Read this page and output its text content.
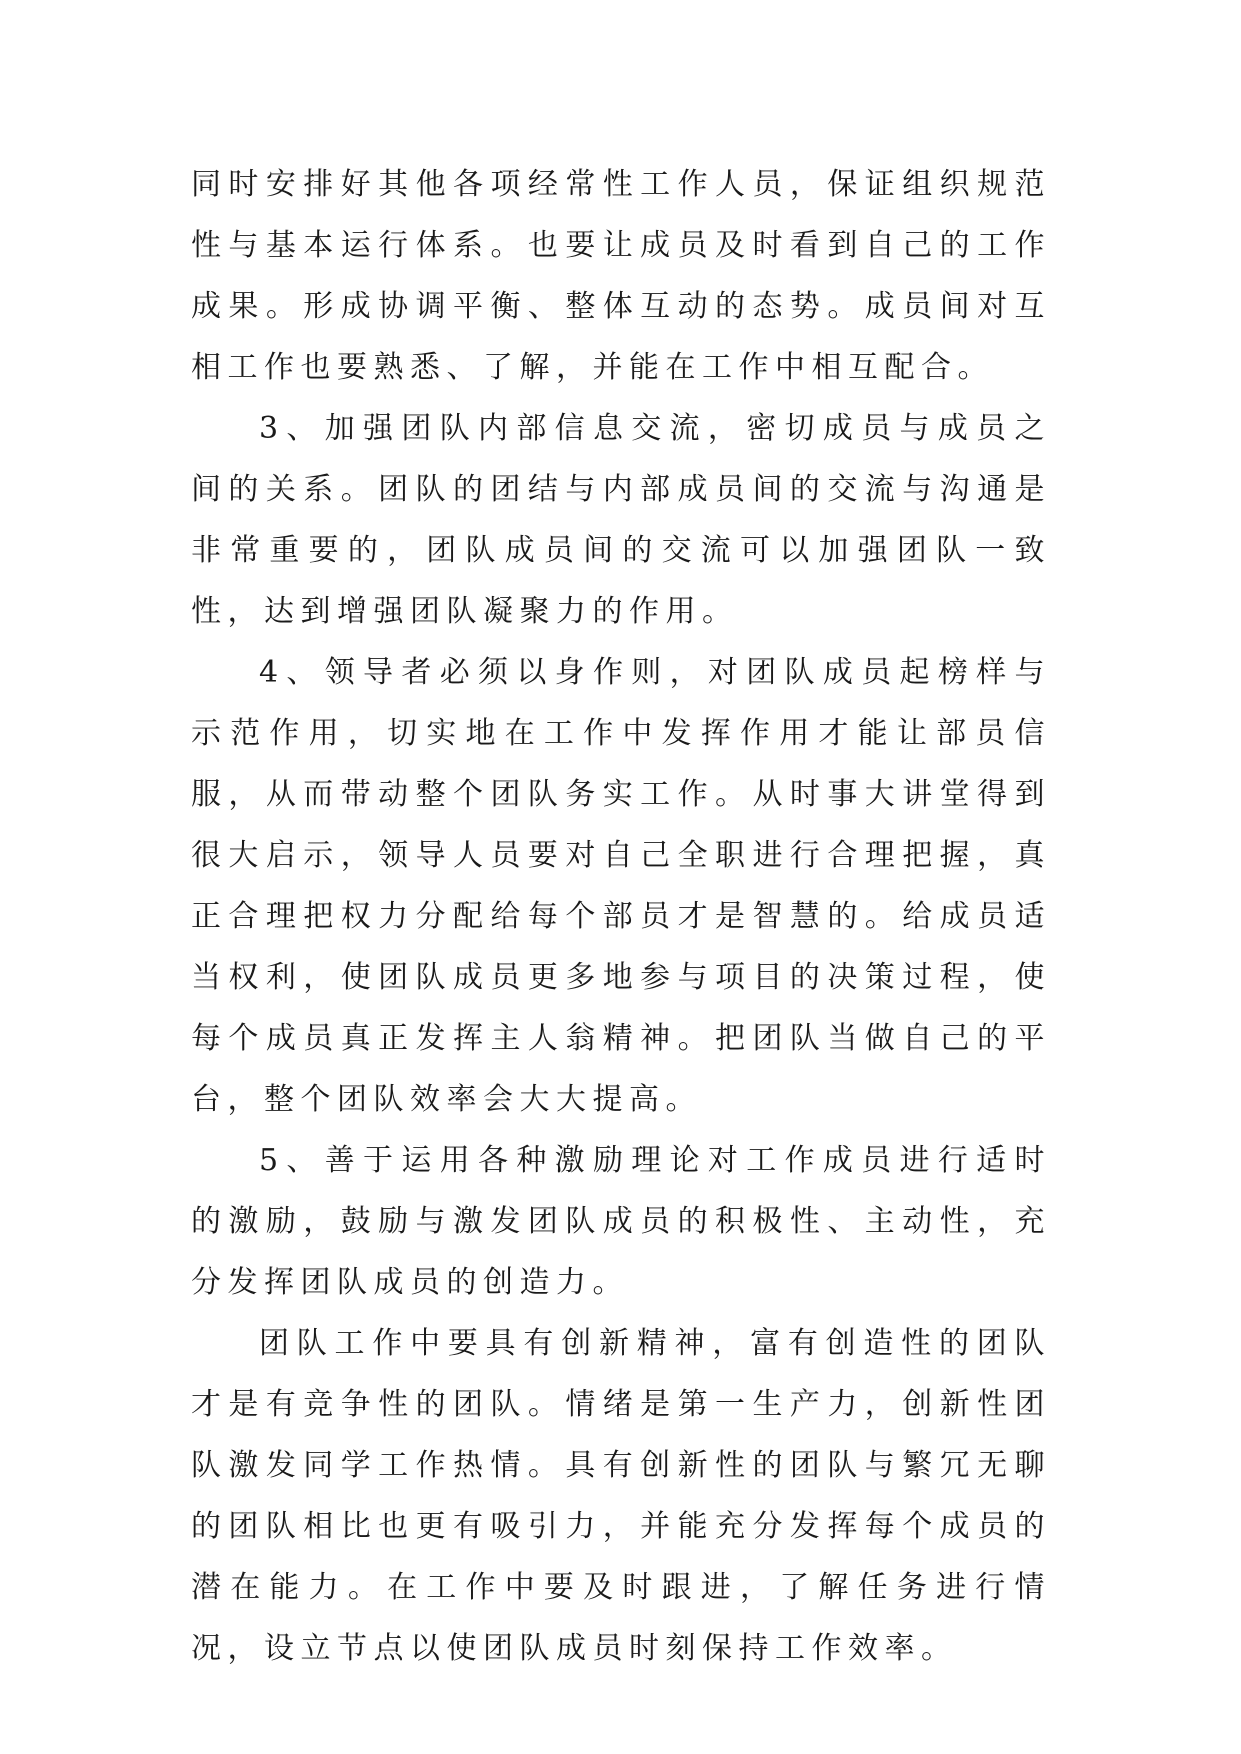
同时安排好其他各项经常性工作人员，保证组织规范性与基本运行体系。也要让成员及时看到自己的工作成果。形成协调平衡、整体互动的态势。成员间对互相工作也要熟悉、了解，并能在工作中相互配合。

3、加强团队内部信息交流，密切成员与成员之间的关系。团队的团结与内部成员间的交流与沟通是非常重要的，团队成员间的交流可以加强团队一致性，达到增强团队凝聚力的作用。

4、领导者必须以身作则，对团队成员起榜样与示范作用，切实地在工作中发挥作用才能让部员信服，从而带动整个团队务实工作。从时事大讲堂得到很大启示，领导人员要对自己全职进行合理把握，真正合理把权力分配给每个部员才是智慧的。给成员适当权利，使团队成员更多地参与项目的决策过程，使每个成员真正发挥主人翁精神。把团队当做自己的平台，整个团队效率会大大提高。

5、善于运用各种激励理论对工作成员进行适时的激励，鼓励与激发团队成员的积极性、主动性，充分发挥团队成员的创造力。

团队工作中要具有创新精神，富有创造性的团队才是有竞争性的团队。情绪是第一生产力，创新性团队激发同学工作热情。具有创新性的团队与繁冗无聊的团队相比也更有吸引力，并能充分发挥每个成员的潜在能力。在工作中要及时跟进，了解任务进行情况，设立节点以使团队成员时刻保持工作效率。
